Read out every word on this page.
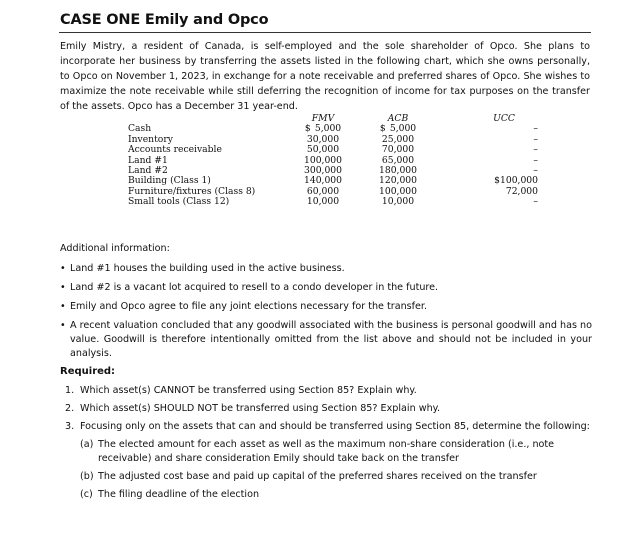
CASE ONE Emily and Opco
Emily Mistry, a resident of Canada, is self-employed and the sole shareholder of Opco. She plans to incorporate her business by transferring the assets listed in the following chart, which she owns personally, to Opco on November 1, 2023, in exchange for a note receivable and preferred shares of Opco. She wishes to maximize the note receivable while still deferring the recognition of income for tax purposes on the transfer of the assets. Opco has a December 31 year-end.
	FMV	ACB	UCC
Cash	$ 5,000	$ 5,000	–
Inventory	30,000	25,000	–
Accounts receivable	50,000	70,000	–
Land #1	100,000	65,000	–
Land #2	300,000	180,000	–
Building (Class 1)	140,000	120,000	$100,000
Furniture/fixtures (Class 8)	60,000	100,000	72,000
Small tools (Class 12)	10,000	10,000	–
Additional information:
• Land #1 houses the building used in the active business.
• Land #2 is a vacant lot acquired to resell to a condo developer in the future.
• Emily and Opco agree to file any joint elections necessary for the transfer.
• A recent valuation concluded that any goodwill associated with the business is personal goodwill and has no value. Goodwill is therefore intentionally omitted from the list above and should not be included in your analysis.
Required:
1. Which asset(s) CANNOT be transferred using Section 85? Explain why.
2. Which asset(s) SHOULD NOT be transferred using Section 85? Explain why.
3. Focusing only on the assets that can and should be transferred using Section 85, determine the following:
(a) The elected amount for each asset as well as the maximum non-share consideration (i.e., note receivable) and share consideration Emily should take back on the transfer
(b) The adjusted cost base and paid up capital of the preferred shares received on the transfer
(c) The filing deadline of the election
